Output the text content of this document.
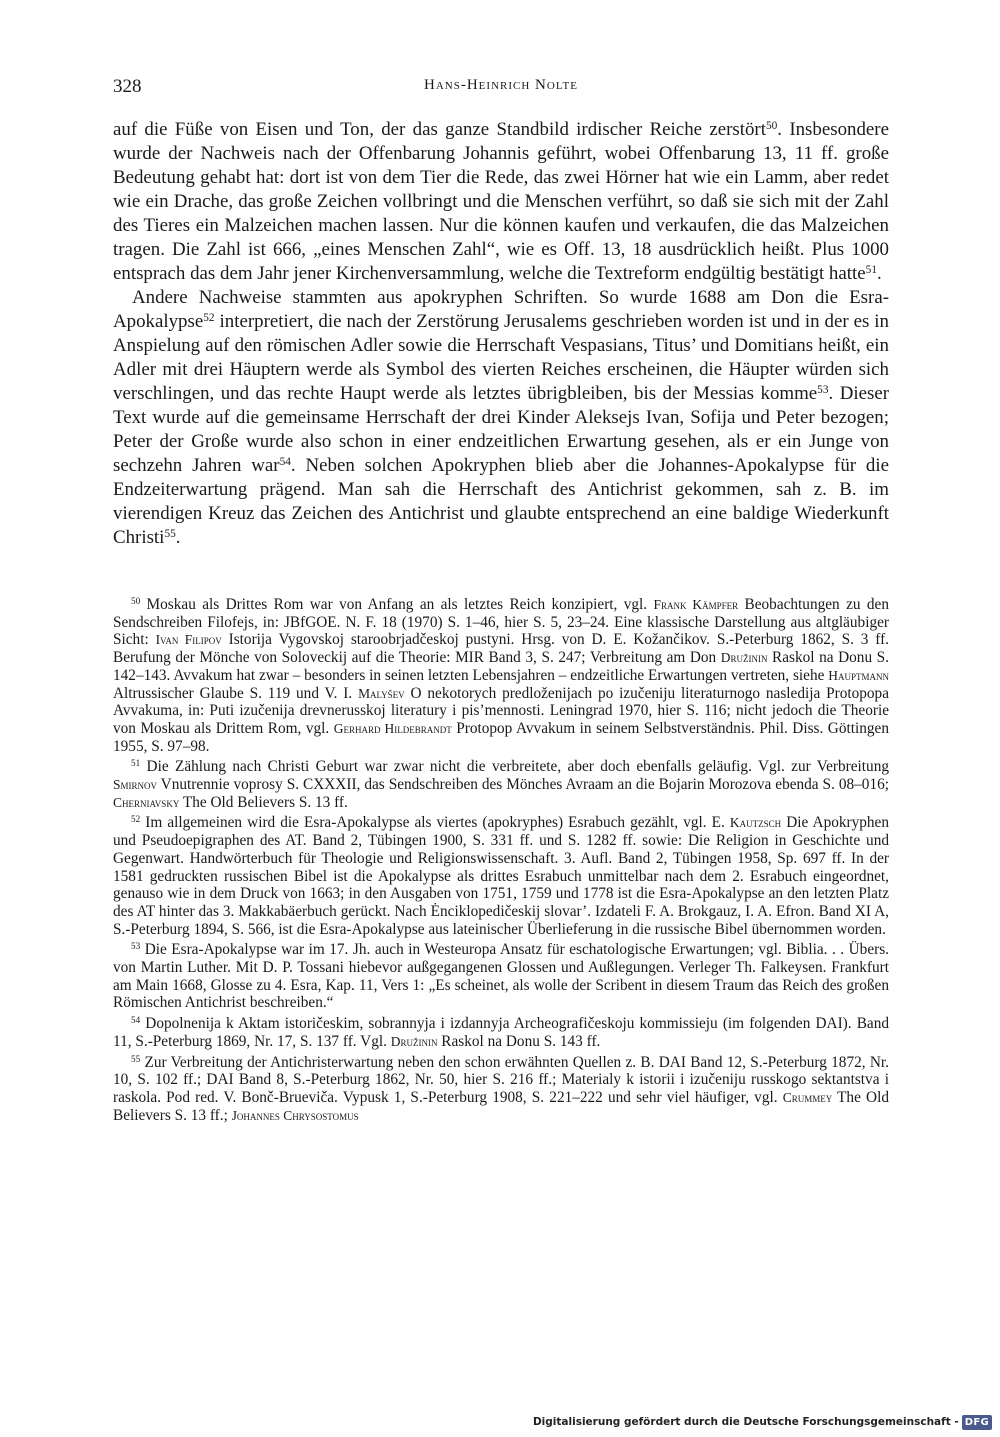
328	Hans-Heinrich Nolte

auf die Füße von Eisen und Ton, der das ganze Standbild irdischer Reiche zerstört$^{50}$. Insbesondere wurde der Nachweis nach der Offenbarung Johannis geführt, wobei Offenbarung 13, 11 ff. große Bedeutung gehabt hat: dort ist von dem Tier die Rede, das zwei Hörner hat wie ein Lamm, aber redet wie ein Drache, das große Zeichen vollbringt und die Menschen verführt, so daß sie sich mit der Zahl des Tieres ein Malzeichen machen lassen. Nur die können kaufen und verkaufen, die das Malzeichen tragen. Die Zahl ist 666, „eines Menschen Zahl“, wie es Off. 13, 18 ausdrücklich heißt. Plus 1000 entsprach das dem Jahr jener Kirchenversammlung, welche die Textreform endgültig bestätigt hatte$^{51}$.

Andere Nachweise stammten aus apokryphen Schriften. So wurde 1688 am Don die Esra-Apokalypse$^{52}$ interpretiert, die nach der Zerstörung Jerusalems geschrieben worden ist und in der es in Anspielung auf den römischen Adler sowie die Herrschaft Vespasians, Titus’ und Domitians heißt, ein Adler mit drei Häuptern werde als Symbol des vierten Reiches erscheinen, die Häupter würden sich verschlingen, und das rechte Haupt werde als letztes übrigbleiben, bis der Messias komme$^{53}$. Dieser Text wurde auf die gemeinsame Herrschaft der drei Kinder Aleksejs Ivan, Sofija und Peter bezogen; Peter der Große wurde also schon in einer endzeitlichen Erwartung gesehen, als er ein Junge von sechzehn Jahren war$^{54}$. Neben solchen Apokryphen blieb aber die Johannes-Apokalypse für die Endzeiterwartung prägend. Man sah die Herrschaft des Antichrist gekommen, sah z. B. im vierendigen Kreuz das Zeichen des Antichrist und glaubte entsprechend an eine baldige Wiederkunft Christi$^{55}$.

$^{50}$ Moskau als Drittes Rom war von Anfang an als letztes Reich konzipiert, vgl. Frank Kämpfer Beobachtungen zu den Sendschreiben Filofejs, in: JBfGOE. N. F. 18 (1970) S. 1–46, hier S. 5, 23–24. Eine klassische Darstellung aus altgläubiger Sicht: Ivan Filipov Istorija Vygovskoj staroobrjadčeskoj pustyni. Hrsg. von D. E. Kožančikov. S.-Peterburg 1862, S. 3 ff. Berufung der Mönche von Soloveckij auf die Theorie: MIR Band 3, S. 247; Verbreitung am Don Družinin Raskol na Donu S. 142–143. Avvakum hat zwar – besonders in seinen letzten Lebensjahren – endzeitliche Erwartungen vertreten, siehe Hauptmann Altrussischer Glaube S. 119 und V. I. Malyšev O nekotorych predloženijach po izučeniju literaturnogo nasledija Protopopa Avvakuma, in: Puti izučenija drevnerusskoj literatury i pis’mennosti. Leningrad 1970, hier S. 116; nicht jedoch die Theorie von Moskau als Drittem Rom, vgl. Gerhard Hildebrandt Protopop Avvakum in seinem Selbstverständnis. Phil. Diss. Göttingen 1955, S. 97–98.

$^{51}$ Die Zählung nach Christi Geburt war zwar nicht die verbreitete, aber doch ebenfalls geläufig. Vgl. zur Verbreitung Smirnov Vnutrennie voprosy S. CXXXII, das Sendschreiben des Mönches Avraam an die Bojarin Morozova ebenda S. 08–016; Cherniavsky The Old Believers S. 13 ff.

$^{52}$ Im allgemeinen wird die Esra-Apokalypse als viertes (apokryphes) Esrabuch gezählt, vgl. E. Kautzsch Die Apokryphen und Pseudoepigraphen des AT. Band 2, Tübingen 1900, S. 331 ff. und S. 1282 ff. sowie: Die Religion in Geschichte und Gegenwart. Handwörterbuch für Theologie und Religionswissenschaft. 3. Aufl. Band 2, Tübingen 1958, Sp. 697 ff. In der 1581 gedruckten russischen Bibel ist die Apokalypse als drittes Esrabuch unmittelbar nach dem 2. Esrabuch eingeordnet, genauso wie in dem Druck von 1663; in den Ausgaben von 1751, 1759 und 1778 ist die Esra-Apokalypse an den letzten Platz des AT hinter das 3. Makkabäerbuch gerückt. Nach Ėnciklopedičeskij slovar’. Izdateli F. A. Brokgauz, I. A. Efron. Band XI A, S.-Peterburg 1894, S. 566, ist die Esra-Apokalypse aus lateinischer Überlieferung in die russische Bibel übernommen worden.

$^{53}$ Die Esra-Apokalypse war im 17. Jh. auch in Westeuropa Ansatz für eschatologische Erwartungen; vgl. Biblia. . . Übers. von Martin Luther. Mit D. P. Tossani hiebevor außgegangenen Glossen und Außlegungen. Verleger Th. Falkeysen. Frankfurt am Main 1668, Glosse zu 4. Esra, Kap. 11, Vers 1: „Es scheinet, als wolle der Scribent in diesem Traum das Reich des großen Römischen Antichrist beschreiben.“

$^{54}$ Dopolnenija k Aktam istoričeskim, sobrannyja i izdannyja Archeografičeskoju kommissieju (im folgenden DAI). Band 11, S.-Peterburg 1869, Nr. 17, S. 137 ff. Vgl. Družinin Raskol na Donu S. 143 ff.

$^{55}$ Zur Verbreitung der Antichristerwartung neben den schon erwähnten Quellen z. B. DAI Band 12, S.-Peterburg 1872, Nr. 10, S. 102 ff.; DAI Band 8, S.-Peterburg 1862, Nr. 50, hier S. 216 ff.; Materialy k istorii i izučeniju russkogo sektantstva i raskola. Pod red. V. Bonč-Brueviča. Vypusk 1, S.-Peterburg 1908, S. 221–222 und sehr viel häufiger, vgl. Crummey The Old Believers S. 13 ff.; Johannes Chrysostomus

Digitalisierung gefördert durch die Deutsche Forschungsgemeinschaft - DFG
